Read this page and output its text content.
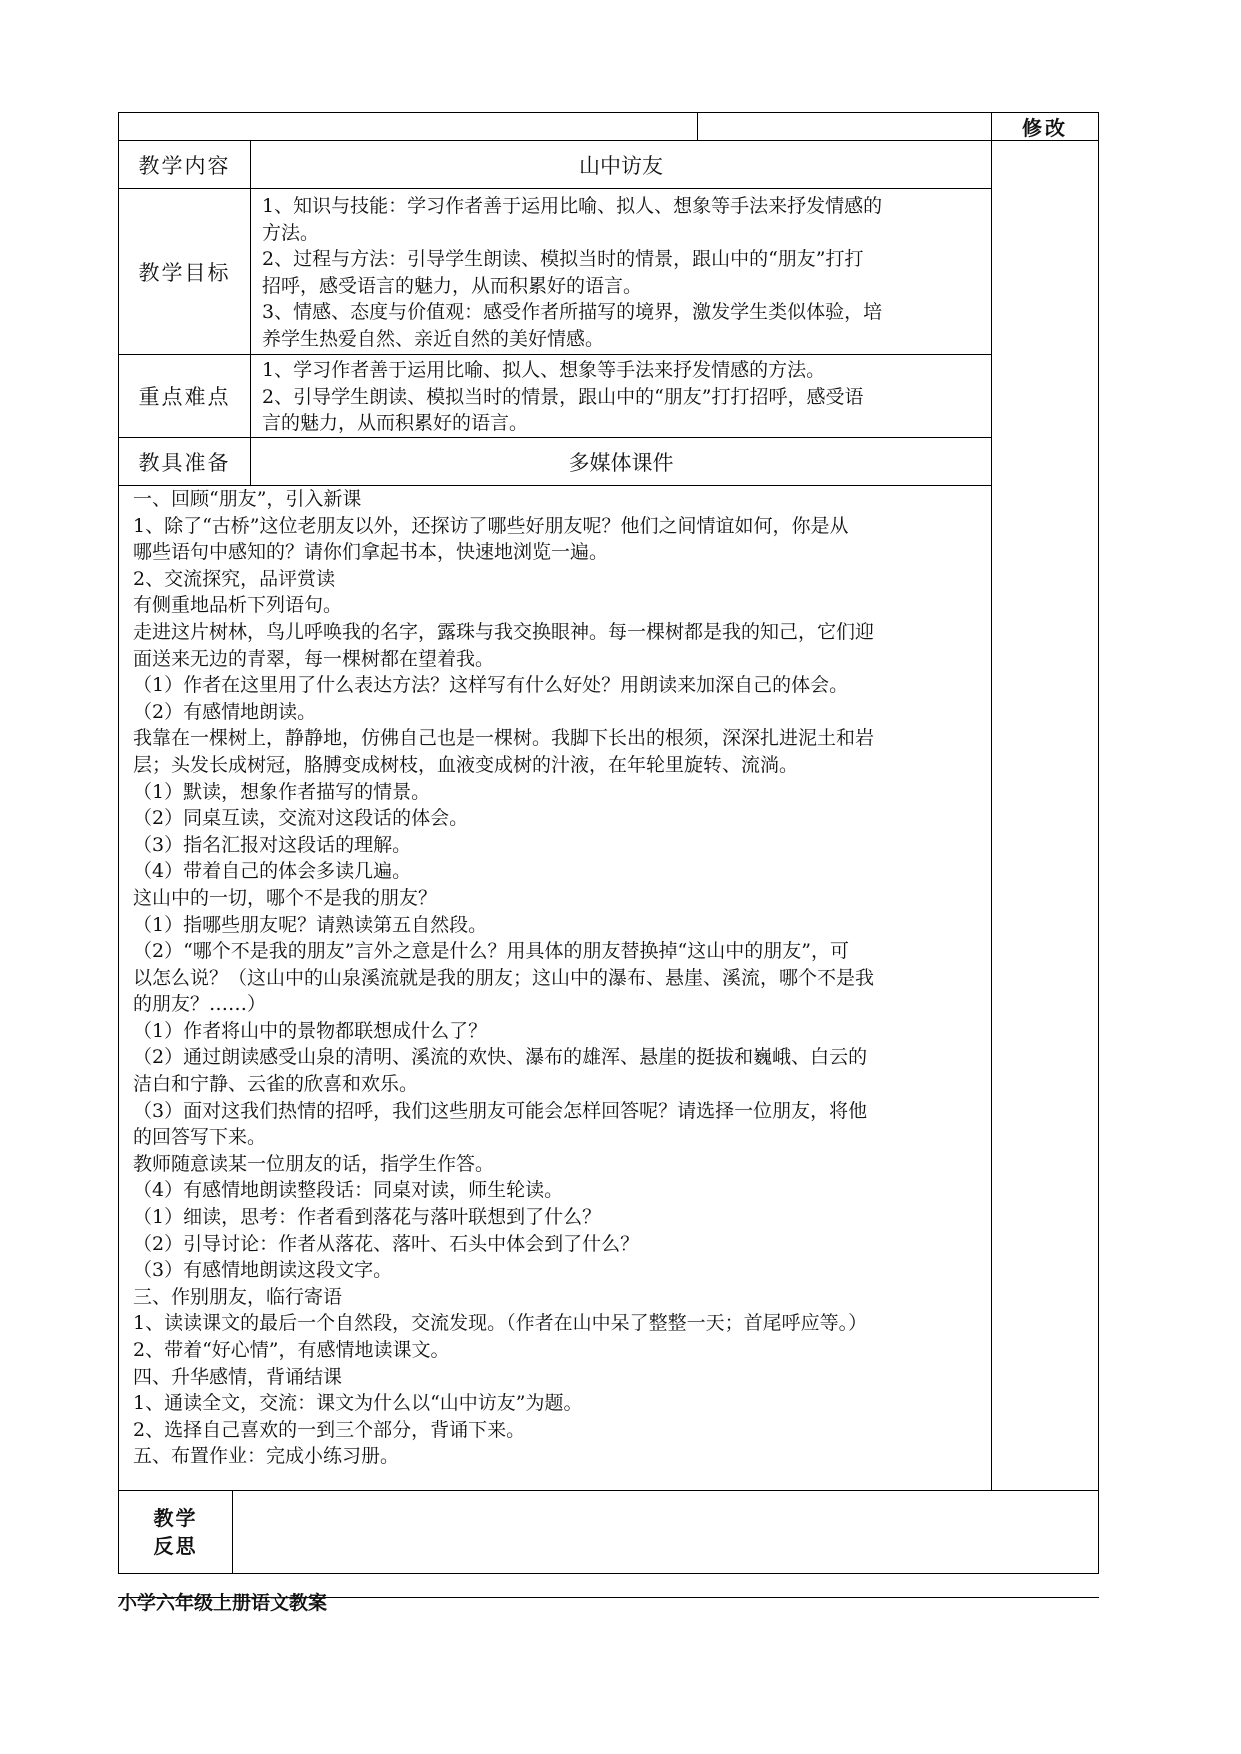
修改
教学内容	山中访友
教学目标

1、知识与技能：学习作者善于运用比喻、拟人、想象等手法来抒发情感的

方法。

2、过程与方法：引导学生朗读、模拟当时的情景，跟山中的“朋友”打打

招呼，感受语言的魅力，从而积累好的语言。

3、情感、态度与价值观：感受作者所描写的境界，激发学生类似体验，培

养学生热爱自然、亲近自然的美好情感。

重点难点

1、学习作者善于运用比喻、拟人、想象等手法来抒发情感的方法。

2、引导学生朗读、模拟当时的情景，跟山中的“朋友”打打招呼，感受语

言的魅力，从而积累好的语言。

教具准备	多媒体课件

一、回顾“朋友”，引入新课

1、除了“古桥”这位老朋友以外，还探访了哪些好朋友呢？他们之间情谊如何，你是从

哪些语句中感知的？请你们拿起书本，快速地浏览一遍。

2、交流探究，品评赏读

有侧重地品析下列语句。

走进这片树林，鸟儿呼唤我的名字，露珠与我交换眼神。每一棵树都是我的知己，它们迎

面送来无边的青翠，每一棵树都在望着我。

（1）作者在这里用了什么表达方法？这样写有什么好处？用朗读来加深自己的体会。

（2）有感情地朗读。

我靠在一棵树上，静静地，仿佛自己也是一棵树。我脚下长出的根须，深深扎进泥土和岩

层；头发长成树冠，胳膊变成树枝，血液变成树的汁液，在年轮里旋转、流淌。

（1）默读，想象作者描写的情景。

（2）同桌互读，交流对这段话的体会。

（3）指名汇报对这段话的理解。

（4）带着自己的体会多读几遍。

这山中的一切，哪个不是我的朋友？

（1）指哪些朋友呢？请熟读第五自然段。

（2）“哪个不是我的朋友”言外之意是什么？用具体的朋友替换掉“这山中的朋友”，可

以怎么说？（这山中的山泉溪流就是我的朋友；这山中的瀑布、悬崖、溪流，哪个不是我

的朋友？……）

（1）作者将山中的景物都联想成什么了？

（2）通过朗读感受山泉的清明、溪流的欢快、瀑布的雄浑、悬崖的挺拔和巍峨、白云的

洁白和宁静、云雀的欣喜和欢乐。

（3）面对这我们热情的招呼，我们这些朋友可能会怎样回答呢？请选择一位朋友，将他

的回答写下来。

教师随意读某一位朋友的话，指学生作答。

（4）有感情地朗读整段话：同桌对读，师生轮读。

（1）细读，思考：作者看到落花与落叶联想到了什么？

（2）引导讨论：作者从落花、落叶、石头中体会到了什么？

（3）有感情地朗读这段文字。

三、作别朋友，临行寄语

1、读读课文的最后一个自然段，交流发现。（作者在山中呆了整整一天；首尾呼应等。）

2、带着“好心情”，有感情地读课文。

四、升华感情，背诵结课

1、通读全文，交流：课文为什么以“山中访友”为题。

2、选择自己喜欢的一到三个部分，背诵下来。

五、布置作业：完成小练习册。

教学
反思
小学六年级上册语文教案
